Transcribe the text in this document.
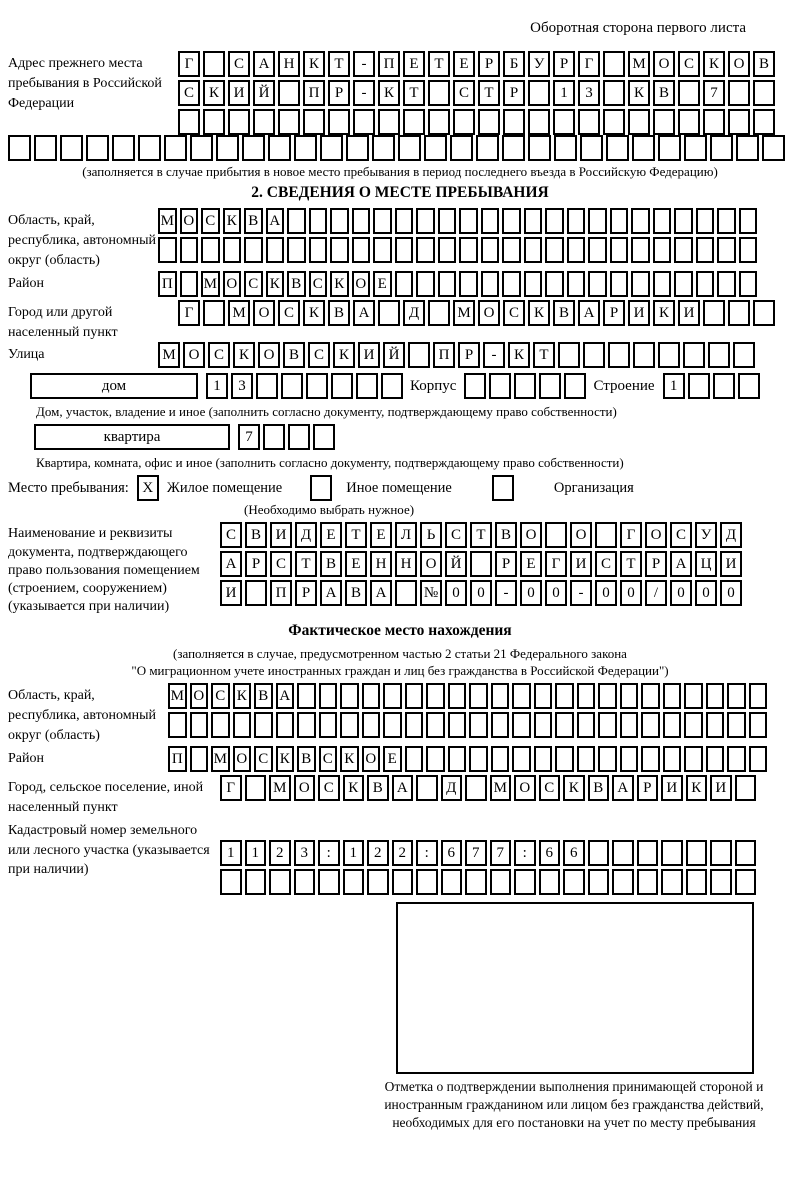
Оборотная сторона первого листа
Адрес прежнего места пребывания в Российской Федерации
Г	С А Н К Т - П Е Т Е Р Б У Р Г	М О С К О В
С К И Й	П Р - К Т	С Т Р	1 3	К В	7
(заполняется в случае прибытия в новое место пребывания в период последнего въезда в Российскую Федерацию)
2. СВЕДЕНИЯ О МЕСТЕ ПРЕБЫВАНИЯ
Область, край, республика, автономный округ (область)
М О С К В А
Район	П М О С К В С К О Е
Город или другой населенный пункт
Г	М О С К В А	Д	М О С К В А Р И К И
Улица	М О С К О В С К И Й	П Р - К Т
дом	1 3	Корпус	Строение	1
Дом, участок, владение и иное (заполнить согласно документу, подтверждающему право собственности)
квартира	7
Квартира, комната, офис и иное (заполнить согласно документу, подтверждающему право собственности)
Место пребывания: X Жилое помещение	Иное помещение	Организация
(Необходимо выбрать нужное)
Наименование и реквизиты документа, подтверждающего право пользования помещением (строением, сооружением) (указывается при наличии)
С В И Д Е Т Е Л Ь С Т В О	О	Г О С У Д
А Р С Т В Е Н Н О Й	Р Е Г И С Т Р А Ц И
И	П Р А В А № 0 0 - 0 0 - 0 0 / 0 0 0
Фактическое место нахождения
(заполняется в случае, предусмотренном частью 2 статьи 21 Федерального закона
"О миграционном учете иностранных граждан и лиц без гражданства в Российской Федерации")
Область, край, республика, автономный округ (область)
М О С К В А
Район	П М О С К В С К О Е
Город, сельское поселение, иной населенный пункт
Г	М О С К В А	Д М О С К В А Р И К И
Кадастровый номер земельного или лесного участка (указывается при наличии)
1 1 2 3 : 1 2 2 : 6 7 7 : 6 6
Отметка о подтверждении выполнения принимающей стороной и иностранным гражданином или лицом без гражданства действий, необходимых для его постановки на учет по месту пребывания
